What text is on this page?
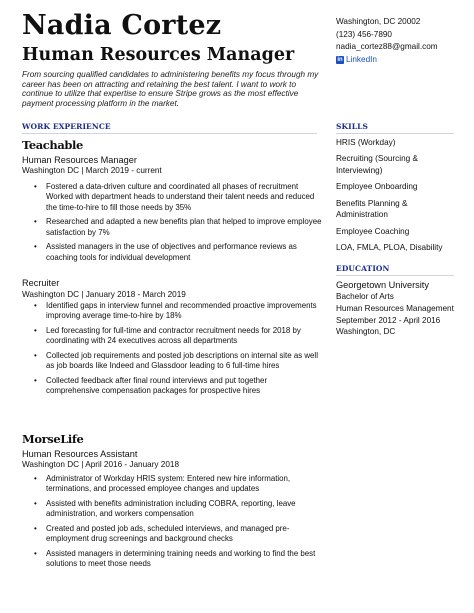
Nadia Cortez
Human Resources Manager
From sourcing qualified candidates to administering benefits my focus through my career has been on attracting and retaining the best talent. I want to work to continue to utilize that expertise to ensure Stripe grows as the most effective payment processing platform in the market.
Washington, DC 20002
(123) 456-7890
nadia_cortez88@gmail.com
in LinkedIn
WORK EXPERIENCE	SKILLS
EDUCATION
Teachable
Human Resources Manager
Washington DC | March 2019 - current
• Fostered a data-driven culture and coordinated all phases of recruitment Worked with department heads to understand their talent needs and reduced the time-to-hire to fill those needs by 35%
• Researched and adapted a new benefits plan that helped to improve employee satisfaction by 7%
• Assisted managers in the use of objectives and performance reviews as coaching tools for individual development
Recruiter
Washington DC | January 2018 - March 2019
• Identified gaps in interview funnel and recommended proactive improvements improving average time-to-hire by 18%
• Led forecasting for full-time and contractor recruitment needs for 2018 by coordinating with 24 executives across all departments
• Collected job requirements and posted job descriptions on internal site as well as job boards like Indeed and Glassdoor leading to 6 full-time hires
• Collected feedback after final round interviews and put together comprehensive compensation packages for prospective hires
MorseLife
Human Resources Assistant
Washington DC | April 2016 - January 2018
• Administrator of Workday HRIS system: Entered new hire information, terminations, and processed employee changes and updates
• Assisted with benefits administration including COBRA, reporting, leave administration, and workers compensation
• Created and posted job ads, scheduled interviews, and managed pre- employment drug screenings and background checks
• Assisted managers in determining training needs and working to find the best solutions to meet those needs
HRIS (Workday)
Recruiting (Sourcing & Interviewing)
Employee Onboarding
Benefits Planning & Administration
Employee Coaching
LOA, FMLA, PLOA, Disability
Georgetown University
Bachelor of Arts
Human Resources Management September 2012 - April 2016 Washington, DC
